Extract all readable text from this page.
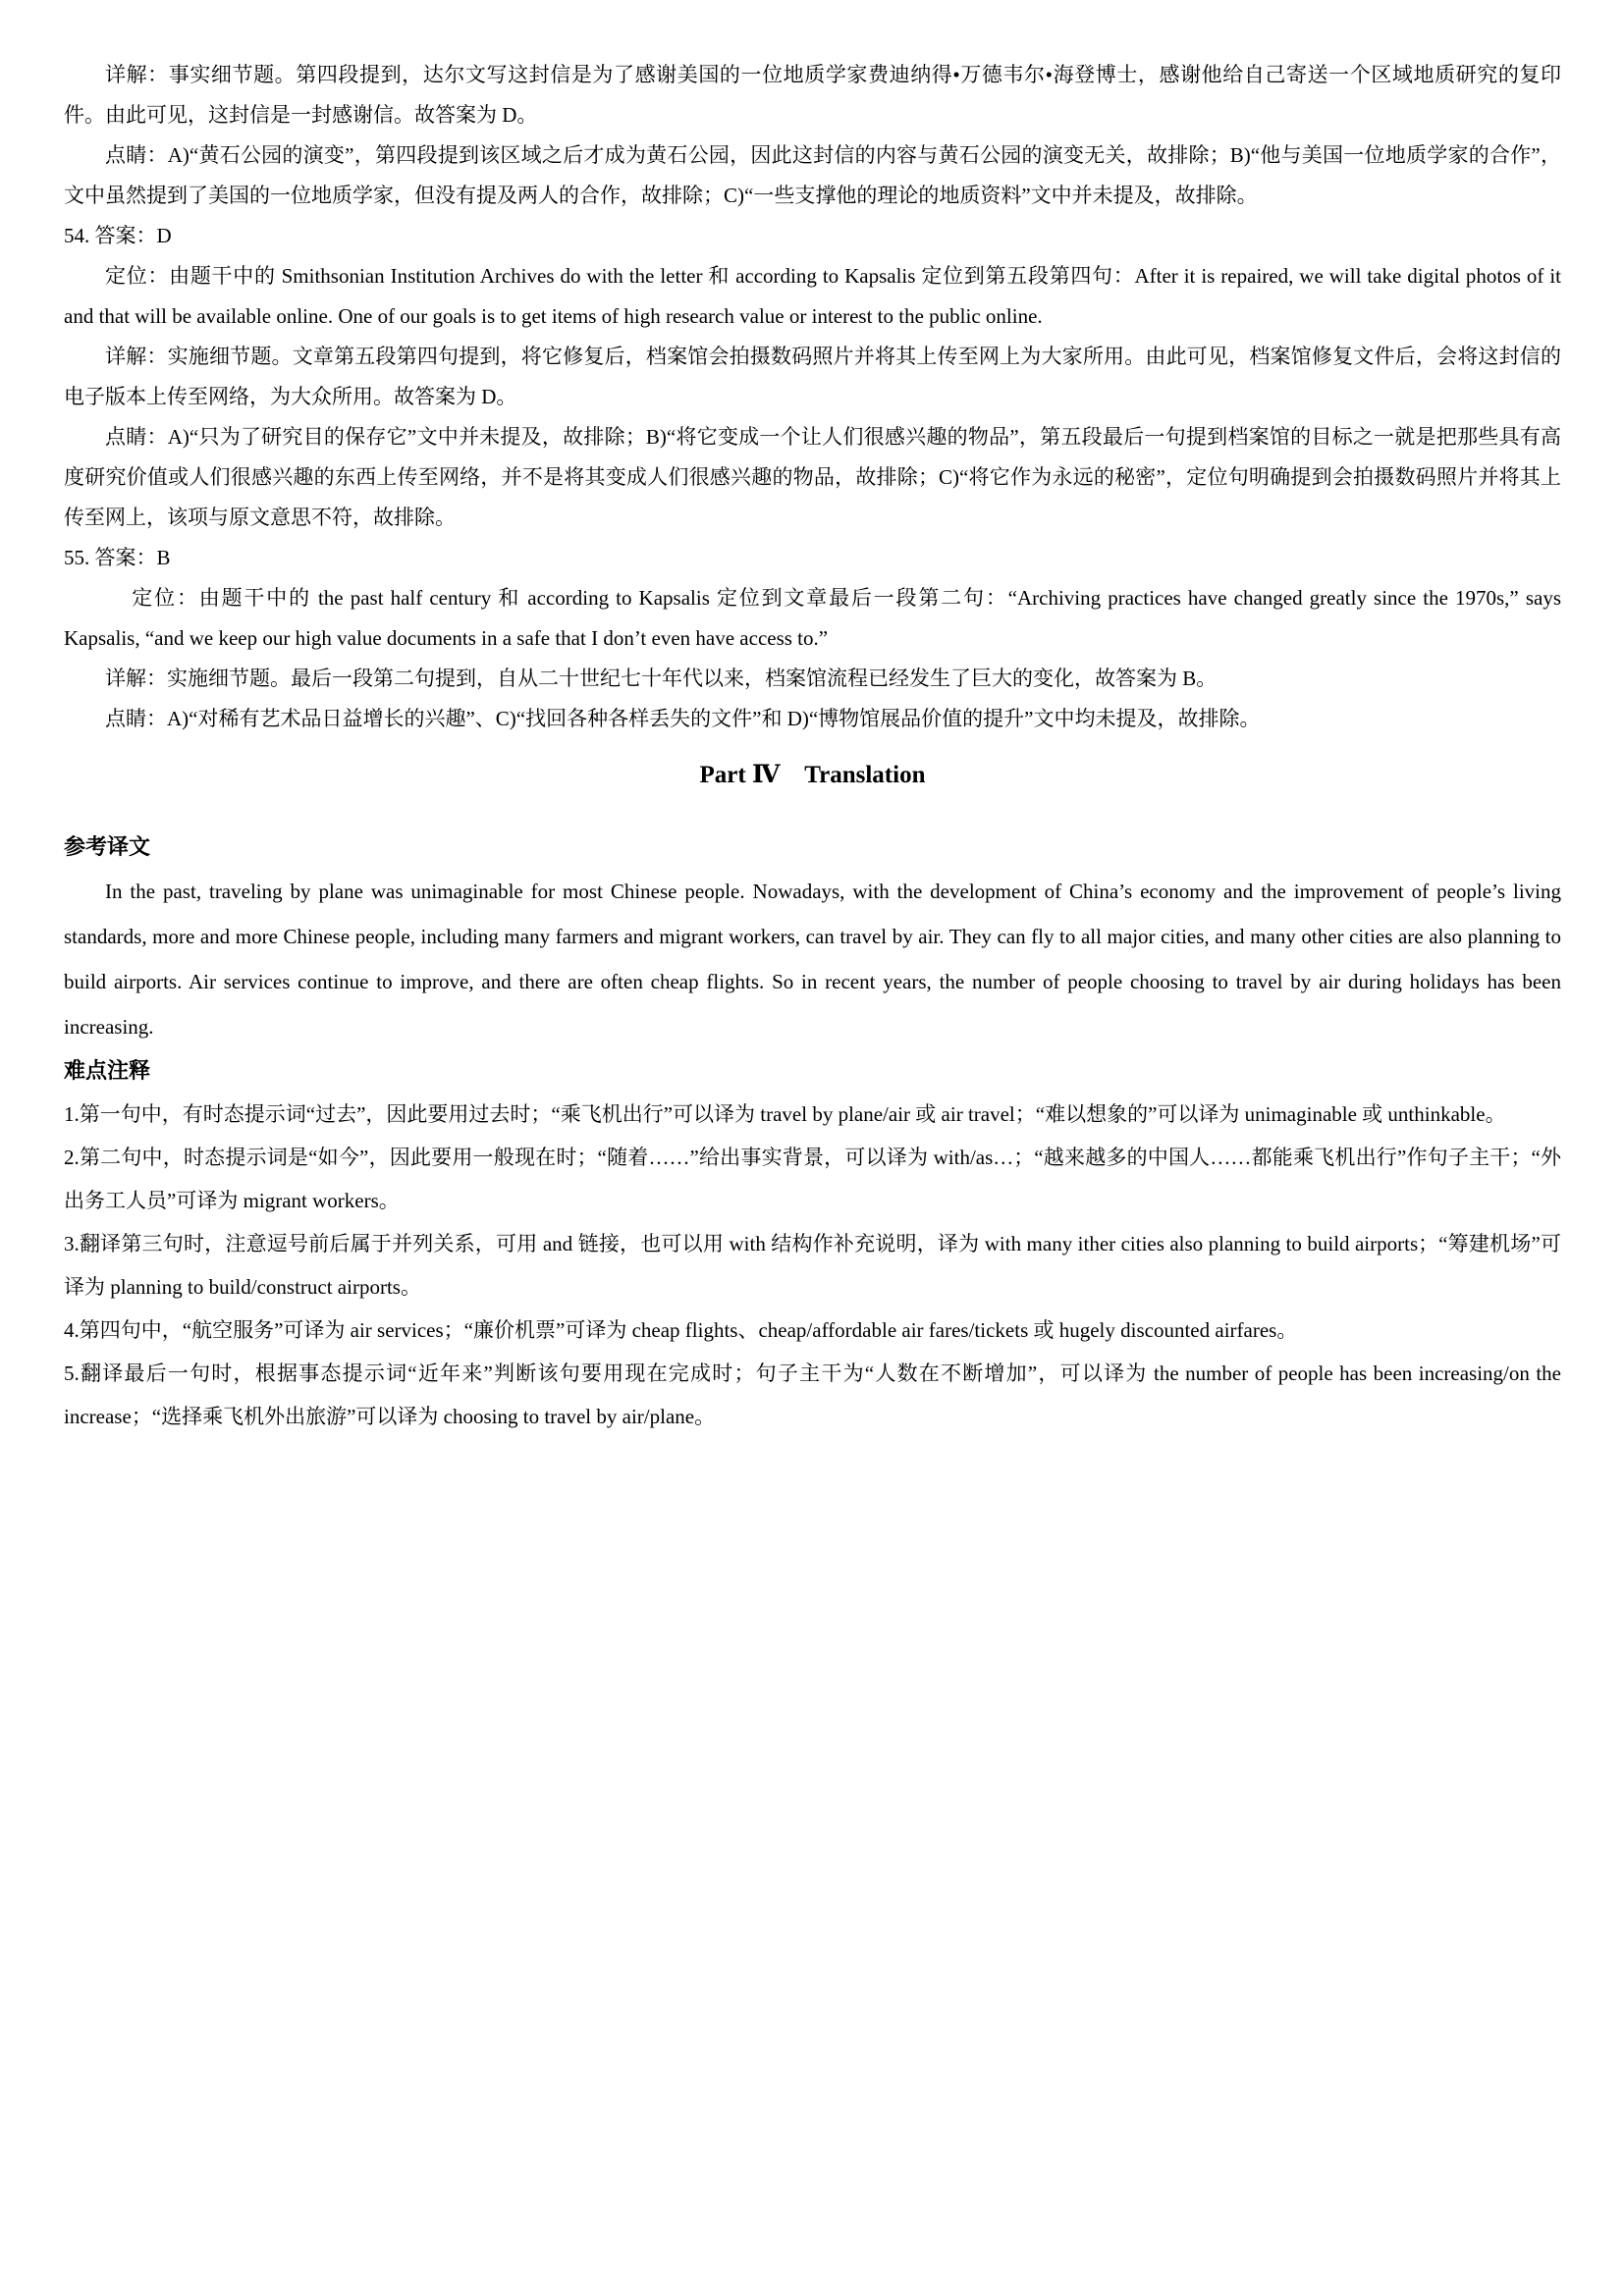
详解：事实细节题。第四段提到，达尔文写这封信是为了感谢美国的一位地质学家费迪纳得•万德韦尔•海登博士，感谢他给自己寄送一个区域地质研究的复印件。由此可见，这封信是一封感谢信。故答案为 D。

点睛：A)“黄石公园的演变”，第四段提到该区域之后才成为黄石公园，因此这封信的内容与黄石公园的演变无关，故排除；B)“他与美国一位地质学家的合作”，文中虽然提到了美国的一位地质学家，但没有提及两人的合作，故排除；C)“一些支撑他的理论的地质资料”文中并未提及，故排除。

54. 答案：D

定位：由题干中的 Smithsonian Institution Archives do with the letter 和 according to Kapsalis 定位到第五段第四句：After it is repaired, we will take digital photos of it and that will be available online. One of our goals is to get items of high research value or interest to the public online.

详解：实施细节题。文章第五段第四句提到，将它修复后，档案馆会拍摄数码照片并将其上传至网上为大家所用。由此可见，档案馆修复文件后，会将这封信的电子版本上传至网络，为大众所用。故答案为 D。

点睛：A)“只为了研究目的保存它”文中并未提及，故排除；B)“将它变成一个让人们很感兴趣的物品”，第五段最后一句提到档案馆的目标之一就是把那些具有高度研究价值或人们很感兴趣的东西上传至网络，并不是将其变成人们很感兴趣的物品，故排除；C)“将它作为永远的秘密”，定位句明确提到会拍摄数码照片并将其上传至网上，该项与原文意思不符，故排除。

55. 答案：B

定位：由题干中的 the past half century 和 according to Kapsalis 定位到文章最后一段第二句：“Archiving practices have changed greatly since the 1970s,” says Kapsalis, “and we keep our high value documents in a safe that I don’t even have access to.”

详解：实施细节题。最后一段第二句提到，自从二十世纪七十年代以来，档案馆流程已经发生了巨大的变化，故答案为 B。

点睛：A)“对稀有艺术品日益增长的兴趣”、C)“找回各种各样丢失的文件”和 D)“博物馆展品价值的提升”文中均未提及，故排除。

Part Ⅳ　Translation
参考译文

In the past, traveling by plane was unimaginable for most Chinese people. Nowadays, with the development of China’s economy and the improvement of people’s living standards, more and more Chinese people, including many farmers and migrant workers, can travel by air. They can fly to all major cities, and many other cities are also planning to build airports. Air services continue to improve, and there are often cheap flights. So in recent years, the number of people choosing to travel by air during holidays has been increasing.

难点注释

1.第一句中，有时态提示词“过去”，因此要用过去时；“乘飞机出行”可以译为 travel by plane/air 或 air travel；“难以想象的”可以译为 unimaginable 或 unthinkable。

2.第二句中，时态提示词是“如今”，因此要用一般现在时；“随着……”给出事实背景，可以译为 with/as…；“越来越多的中国人……都能乘飞机出行”作句子主干；“外出务工人员”可译为 migrant workers。

3.翻译第三句时，注意逗号前后属于并列关系，可用 and 链接，也可以用 with 结构作补充说明，译为 with many ither cities also planning to build airports；“筹建机场”可译为 planning to build/construct airports。

4.第四句中，“航空服务”可译为 air services；“廉价机票”可译为 cheap flights、cheap/affordable air fares/tickets 或 hugely discounted airfares。

5.翻译最后一句时，根据事态提示词“近年来”判断该句要用现在完成时；句子主干为“人数在不断增加”，可以译为 the number of people has been increasing/on the increase；“选择乘飞机外出旅游”可以译为 choosing to travel by air/plane。
